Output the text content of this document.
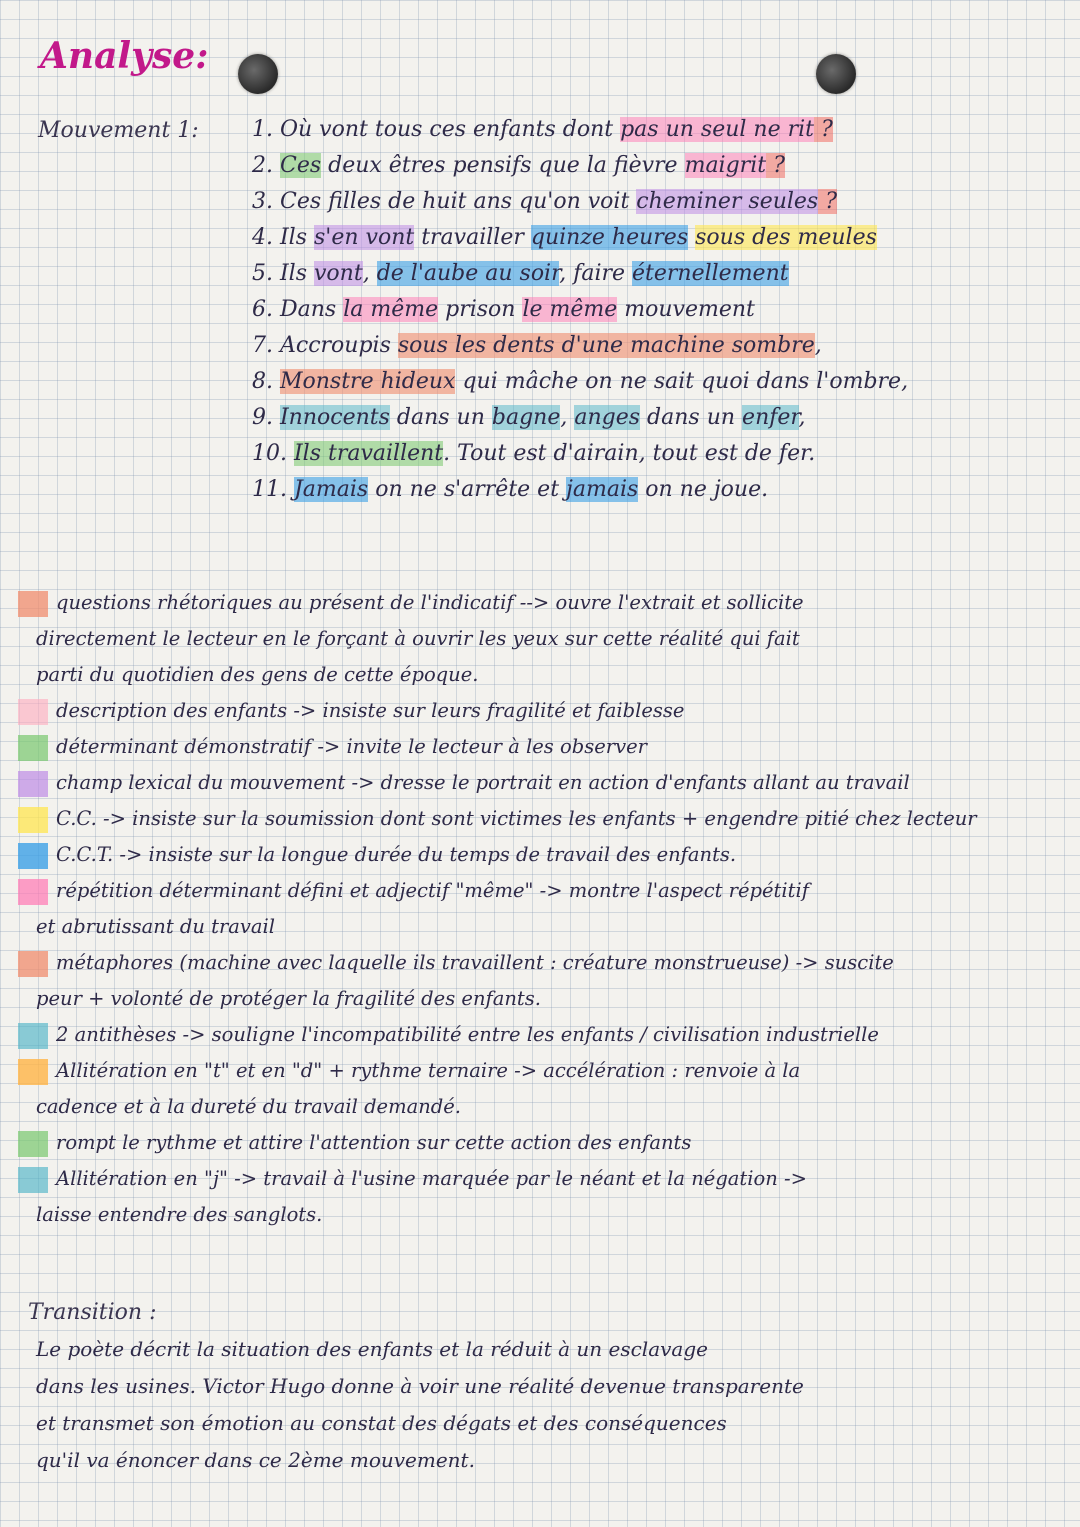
Analyse:
Mouvement 1: 1. Où vont tous ces enfants dont pas un seul ne rit ?
2. Ces deux êtres pensifs que la fièvre maigrit ?
3. Ces filles de huit ans qu'on voit cheminer seules ?
4. Ils s'en vont travailler quinze heures sous des meules
5. Ils vont, de l'aube au soir, faire éternellement
6. Dans la même prison le même mouvement
7. Accroupis sous les dents d'une machine sombre,
8. Monstre hideux qui mâche on ne sait quoi dans l'ombre,
9. Innocents dans un bagne, anges dans un enfer,
10. Ils travaillent. Tout est d'airain, tout est de fer.
11. Jamais on ne s'arrête et jamais on ne joue.
questions rhétoriques au présent de l'indicatif --> ouvre l'extrait et sollicite
directement le lecteur en le forçant à ouvrir les yeux sur cette réalité qui fait
parti du quotidien des gens de cette époque.
description des enfants -> insiste sur leurs fragilité et faiblesse
déterminant démonstratif -> invite le lecteur à les observer
champ lexical du mouvement -> dresse le portrait en action d'enfants allant au travail
C.C. -> insiste sur la soumission dont sont victimes les enfants + engendre pitié chez lecteur
C.C.T. -> insiste sur la longue durée du temps de travail des enfants.
répétition déterminant défini et adjectif "même" -> montre l'aspect répétitif
et abrutissant du travail
métaphores (machine avec laquelle ils travaillent : créature monstrueuse) -> suscite
peur + volonté de protéger la fragilité des enfants.
2 antithèses -> souligne l'incompatibilité entre les enfants / civilisation industrielle
Allitération en "t" et en "d" + rythme ternaire -> accélération : renvoie à la
cadence et à la dureté du travail demandé.
rompt le rythme et attire l'attention sur cette action des enfants
Allitération en "j" -> travail à l'usine marquée par le néant et la négation ->
laisse entendre des sanglots.
Transition :
Le poète décrit la situation des enfants et la réduit à un esclavage
dans les usines. Victor Hugo donne à voir une réalité devenue transparente
et transmet son émotion au constat des dégats et des conséquences
qu'il va énoncer dans ce 2ème mouvement.
